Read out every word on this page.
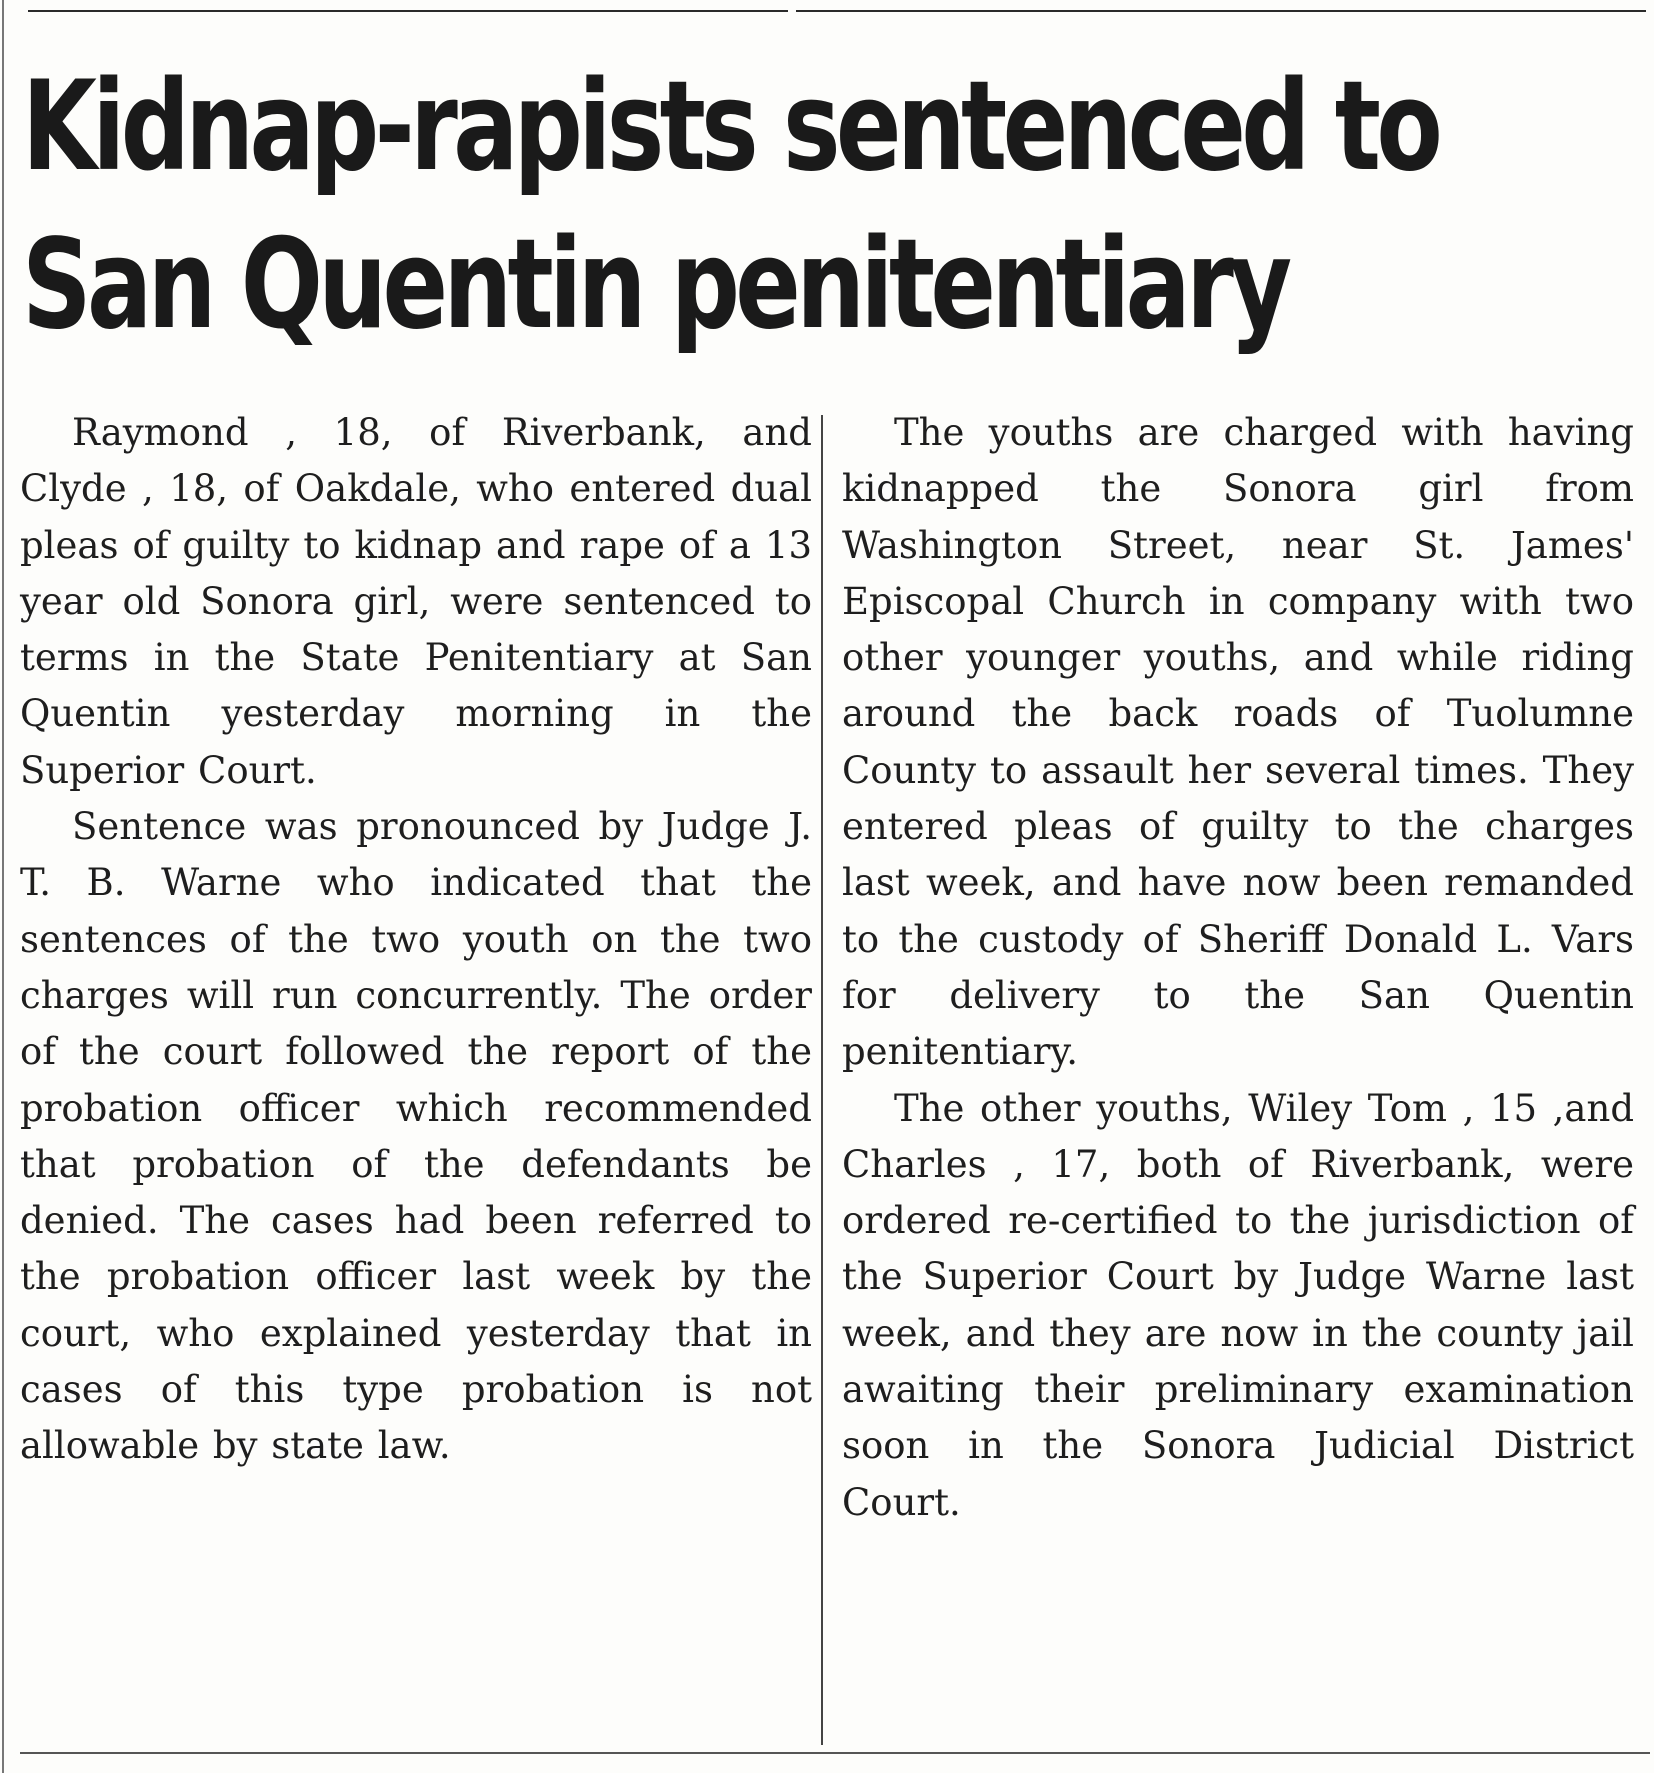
Kidnap-rapists sentenced to
San Quentin penitentiary

Raymond , 18, of Riverbank, and Clyde , 18, of Oakdale, who entered dual pleas of guilty to kidnap and rape of a 13 year old Sonora girl, were sentenced to terms in the State Penitentiary at San Quentin yesterday morning in the Superior Court.

Sentence was pronounced by Judge J. T. B. Warne who indicated that the sentences of the two youth on the two charges will run concurrently. The order of the court followed the report of the probation officer which recommended that probation of the defendants be denied. The cases had been referred to the probation officer last week by the court, who explained yesterday that in cases of this type probation is not allowable by state law.

The youths are charged with having kidnapped the Sonora girl from Washington Street, near St. James' Episcopal Church in company with two other younger youths, and while riding around the back roads of Tuolumne County to assault her several times. They entered pleas of guilty to the charges last week, and have now been remanded to the custody of Sheriff Donald L. Vars for delivery to the San Quentin penitentiary.

The other youths, Wiley Tom , 15 ,and Charles , 17, both of Riverbank, were ordered re-certified to the jurisdiction of the Superior Court by Judge Warne last week, and they are now in the county jail awaiting their preliminary examination soon in the Sonora Judicial District Court.
